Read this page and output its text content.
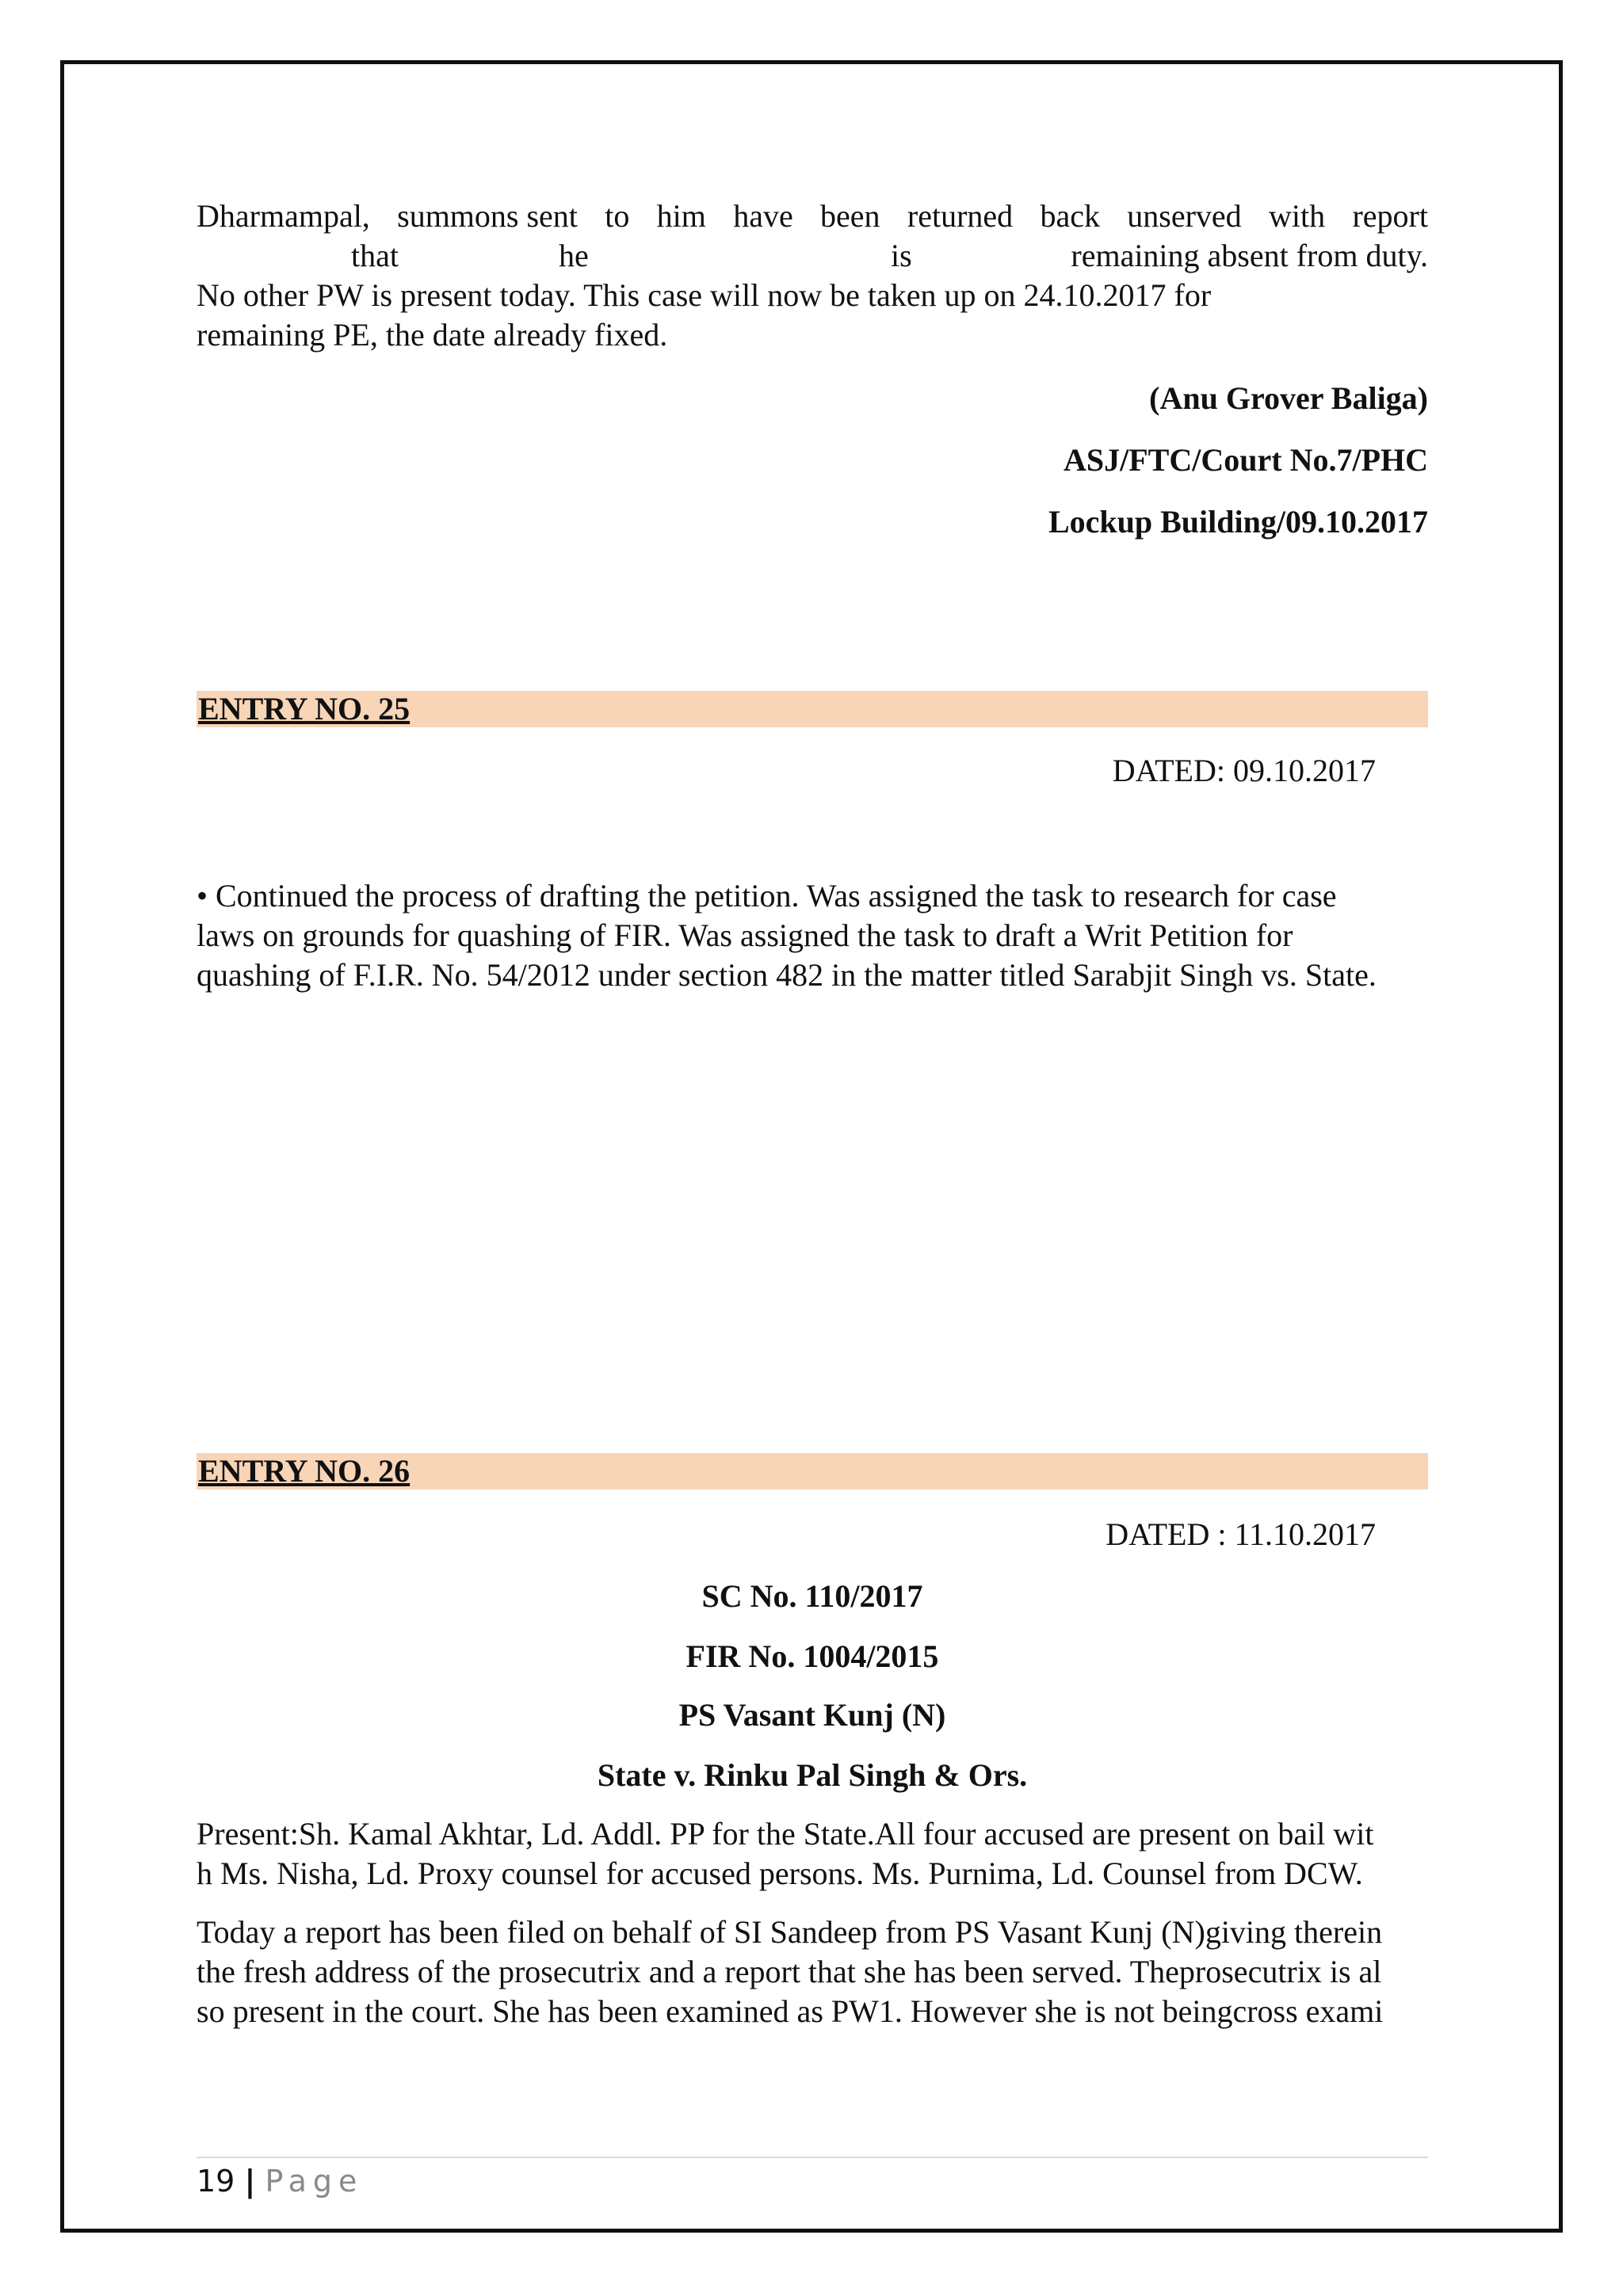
Dharmampal, summons sent to him have been returned back unserved with report
that	he	is	remaining absent from duty.
No other PW is present today. This case will now be taken up on 24.10.2017 for
remaining PE, the date already fixed.
(Anu Grover Baliga)
ASJ/FTC/Court No.7/PHC
Lockup Building/09.10.2017
ENTRY NO. 25
DATED: 09.10.2017
• Continued the process of drafting the petition. Was assigned the task to research for case
laws on grounds for quashing of FIR. Was assigned the task to draft a Writ Petition for
quashing of F.I.R. No. 54/2012 under section 482 in the matter titled Sarabjit Singh vs. State.
ENTRY NO. 26
DATED : 11.10.2017
SC No. 110/2017
FIR No. 1004/2015
PS Vasant Kunj (N)
State v. Rinku Pal Singh & Ors.
Present:Sh. Kamal Akhtar, Ld. Addl. PP for the State.All four accused are present on bail wit
h Ms. Nisha, Ld. Proxy counsel for accused persons. Ms. Purnima, Ld. Counsel from DCW.
Today a report has been filed on behalf of SI Sandeep from PS Vasant Kunj (N)giving therein
the fresh address of the prosecutrix and a report that she has been served. Theprosecutrix is al
so present in the court. She has been examined as PW1. However she is not beingcross exami
19 | Page
